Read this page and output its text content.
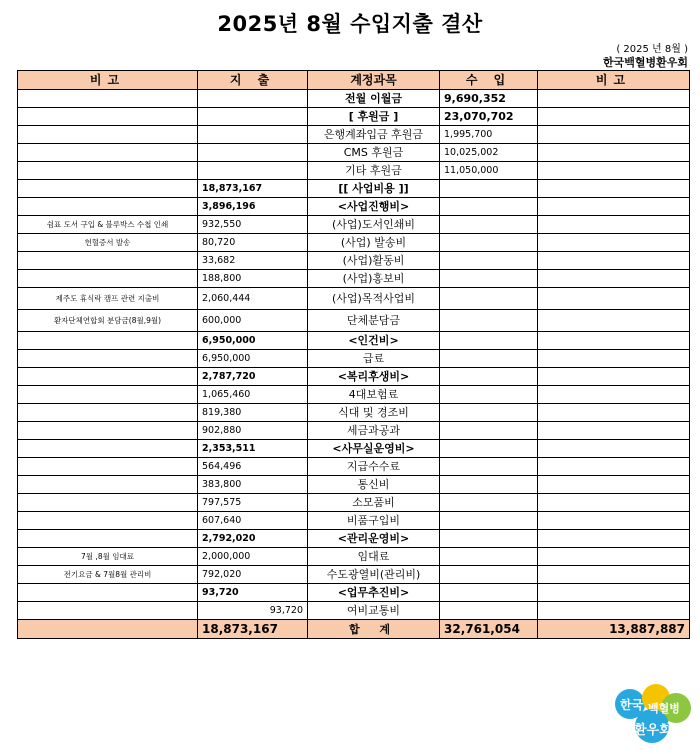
2025년 8월 수입지출 결산
( 2025 년 8월 )
한국백혈병환우회
비고	지 출	계정과목	수 입	비고
		전월 이월금	9,690,352	
		[ 후원금 ]	23,070,702	
		은행계좌입금 후원금	1,995,700	
		CMS 후원금	10,025,002	
		기타 후원금	11,050,000	
	18,873,167	[[ 사업비용 ]]		
	3,896,196	<사업진행비>		
쉼표 도서 구입 & 블루박스 수첩 인쇄	932,550	(사업)도서인쇄비		
헌혈증서 발송	80,720	(사업) 발송비		
	33,682	(사업)활동비		
	188,800	(사업)홍보비		
제주도 휴식락 캠프 관련 지출비	2,060,444	(사업)목적사업비		
환자단체연합회 분담금(8월,9월)	600,000	단체분담금		
	6,950,000	<인건비>		
	6,950,000	급료		
	2,787,720	<복리후생비>		
	1,065,460	4대보험료		
	819,380	식대 및 경조비		
	902,880	세금과공과		
	2,353,511	<사무실운영비>		
	564,496	지급수수료		
	383,800	통신비		
	797,575	소모품비		
	607,640	비품구입비		
	2,792,020	<관리운영비>		
7월 ,8월 임대료	2,000,000	임대료		
전기요금 & 7월8월 관리비	792,020	수도광열비(관리비)		
	93,720	<업무추진비>		
	93,720	여비교통비		
	18,873,167	합 계	32,761,054	13,887,887
한국 백혈병
환우회
